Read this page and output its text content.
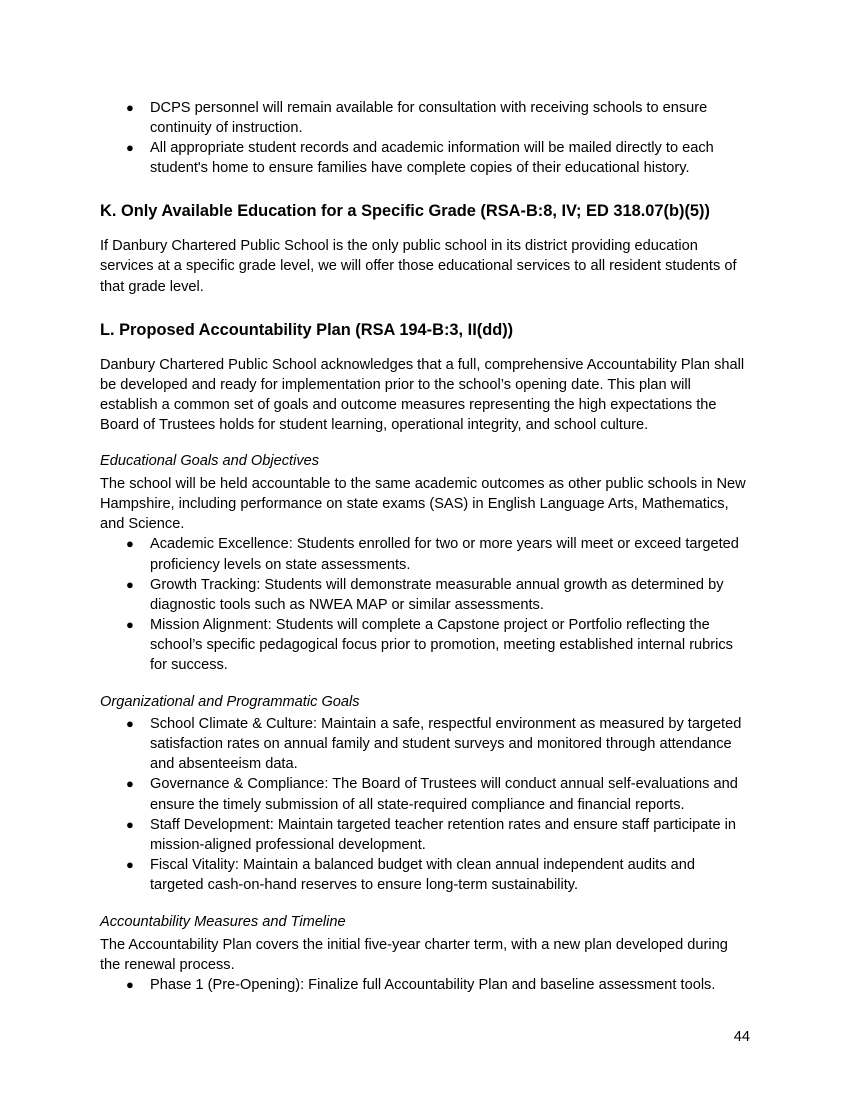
● DCPS personnel will remain available for consultation with receiving schools to ensure continuity of instruction.
● All appropriate student records and academic information will be mailed directly to each student's home to ensure families have complete copies of their educational history.
K. Only Available Education for a Specific Grade (RSA-B:8, IV; ED 318.07(b)(5))

If Danbury Chartered Public School is the only public school in its district providing education services at a specific grade level, we will offer those educational services to all resident students of that grade level.

L. Proposed Accountability Plan (RSA 194-B:3, II(dd))

Danbury Chartered Public School acknowledges that a full, comprehensive Accountability Plan shall be developed and ready for implementation prior to the school’s opening date. This plan will establish a common set of goals and outcome measures representing the high expectations the Board of Trustees holds for student learning, operational integrity, and school culture.

Educational Goals and Objectives

The school will be held accountable to the same academic outcomes as other public schools in New Hampshire, including performance on state exams (SAS) in English Language Arts, Mathematics, and Science.

● Academic Excellence: Students enrolled for two or more years will meet or exceed targeted proficiency levels on state assessments.
● Growth Tracking: Students will demonstrate measurable annual growth as determined by diagnostic tools such as NWEA MAP or similar assessments.
● Mission Alignment: Students will complete a Capstone project or Portfolio reflecting the school’s specific pedagogical focus prior to promotion, meeting established internal rubrics for success.

Organizational and Programmatic Goals

● School Climate & Culture: Maintain a safe, respectful environment as measured by targeted satisfaction rates on annual family and student surveys and monitored through attendance and absenteeism data.
● Governance & Compliance: The Board of Trustees will conduct annual self-evaluations and ensure the timely submission of all state-required compliance and financial reports.
● Staff Development: Maintain targeted teacher retention rates and ensure staff participate in mission-aligned professional development.
● Fiscal Vitality: Maintain a balanced budget with clean annual independent audits and targeted cash-on-hand reserves to ensure long-term sustainability.

Accountability Measures and Timeline

The Accountability Plan covers the initial five-year charter term, with a new plan developed during the renewal process.

● Phase 1 (Pre-Opening): Finalize full Accountability Plan and baseline assessment tools.
44
